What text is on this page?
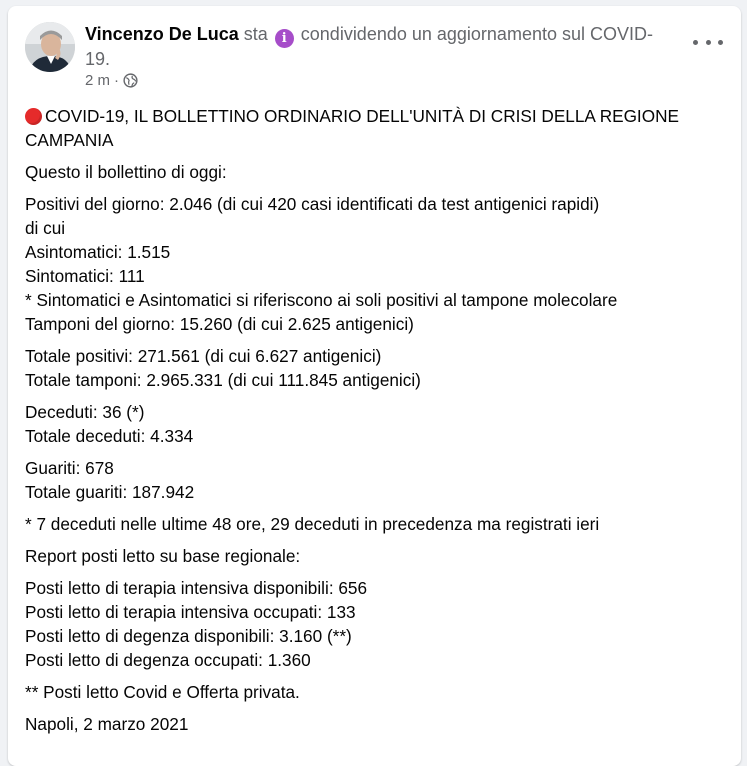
Vincenzo De Luca sta i condividendo un aggiornamento sul COVID-19.
2 m ·
COVID-19, IL BOLLETTINO ORDINARIO DELL'UNITÀ DI CRISI DELLA REGIONE CAMPANIA
Questo il bollettino di oggi:
Positivi del giorno: 2.046 (di cui 420 casi identificati da test antigenici rapidi)
di cui
Asintomatici: 1.515
Sintomatici: 111
* Sintomatici e Asintomatici si riferiscono ai soli positivi al tampone molecolare
Tamponi del giorno: 15.260 (di cui 2.625 antigenici)
Totale positivi: 271.561 (di cui 6.627 antigenici)
Totale tamponi: 2.965.331 (di cui 111.845 antigenici)
Deceduti: 36 (*)
Totale deceduti: 4.334
Guariti: 678
Totale guariti: 187.942
* 7 deceduti nelle ultime 48 ore, 29 deceduti in precedenza ma registrati ieri
Report posti letto su base regionale:
Posti letto di terapia intensiva disponibili: 656
Posti letto di terapia intensiva occupati: 133
Posti letto di degenza disponibili: 3.160 (**)
Posti letto di degenza occupati: 1.360
** Posti letto Covid e Offerta privata.
Napoli, 2 marzo 2021
